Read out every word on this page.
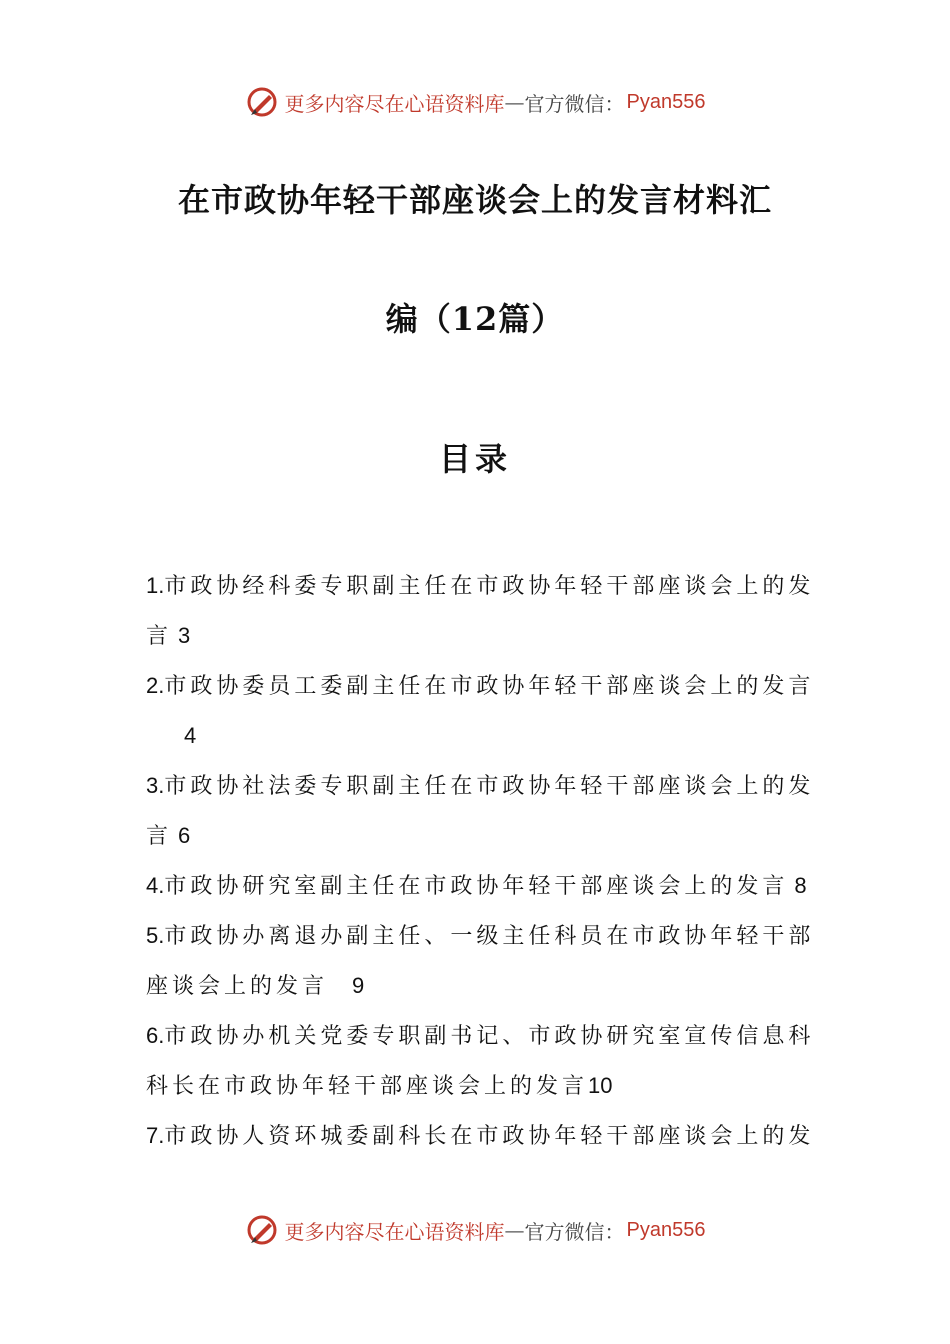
更多内容尽在心语资料库 — 官方微信： Pyan556
在市政协年轻干部座谈会上的发言材料汇
编（12篇）
目录
1.市政协经科委专职副主任在市政协年轻干部座谈会上的发
言 3
2.市政协委员工委副主任在市政协年轻干部座谈会上的发言
4
3.市政协社法委专职副主任在市政协年轻干部座谈会上的发
言 6
4.市政协研究室副主任在市政协年轻干部座谈会上的发言 8
5.市政协办离退办副主任、一级主任科员在市政协年轻干部
座谈会上的发言 9
6.市政协办机关党委专职副书记、市政协研究室宣传信息科
科长在市政协年轻干部座谈会上的发言10
7.市政协人资环城委副科长在市政协年轻干部座谈会上的发
更多内容尽在心语资料库 — 官方微信： Pyan556
